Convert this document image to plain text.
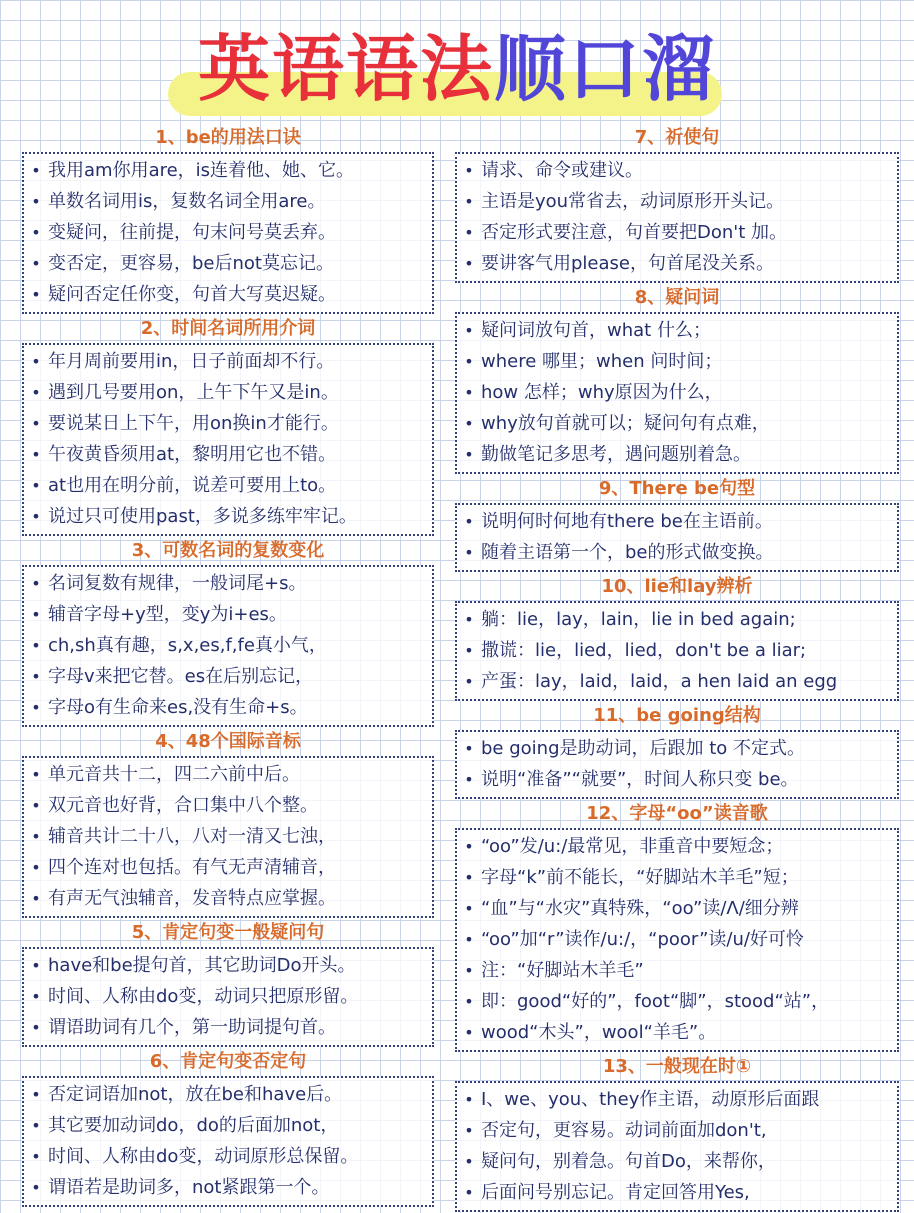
英语语法顺口溜
1、be的用法口诀
• 我用am你用are，is连着他、她、它。
• 单数名词用is，复数名词全用are。
• 变疑问，往前提，句末问号莫丢弃。
• 变否定，更容易，be后not莫忘记。
• 疑问否定任你变，句首大写莫迟疑。
2、时间名词所用介词
• 年月周前要用in，日子前面却不行。
• 遇到几号要用on，上午下午又是in。
• 要说某日上下午，用on换in才能行。
• 午夜黄昏须用at，黎明用它也不错。
• at也用在明分前，说差可要用上to。
• 说过只可使用past，多说多练牢牢记。
3、可数名词的复数变化
• 名词复数有规律，一般词尾+s。
• 辅音字母+y型，变y为i+es。
• ch,sh真有趣，s,x,es,f,fe真小气，
• 字母v来把它替。es在后别忘记，
• 字母o有生命来es,没有生命+s。
4、48个国际音标
• 单元音共十二，四二六前中后。
• 双元音也好背，合口集中八个整。
• 辅音共计二十八，八对一清又七浊，
• 四个连对也包括。有气无声清辅音，
• 有声无气浊辅音，发音特点应掌握。
5、肯定句变一般疑问句
• have和be提句首，其它助词Do开头。
• 时间、人称由do变，动词只把原形留。
• 谓语助词有几个，第一助词提句首。
6、肯定句变否定句
• 否定词语加not，放在be和have后。
• 其它要加动词do，do的后面加not，
• 时间、人称由do变，动词原形总保留。
• 谓语若是助词多，not紧跟第一个。
7、祈使句
• 请求、命令或建议。
• 主语是you常省去，动词原形开头记。
• 否定形式要注意，句首要把Don't 加。
• 要讲客气用please，句首尾没关系。
8、疑问词
• 疑问词放句首，what 什么；
• where 哪里；when 问时间；
• how 怎样；why原因为什么，
• why放句首就可以；疑问句有点难，
• 勤做笔记多思考，遇问题别着急。
9、There be句型
• 说明何时何地有there be在主语前。
• 随着主语第一个，be的形式做变换。
10、lie和lay辨析
• 躺：lie，lay，lain，lie in bed again;
• 撒谎：lie，lied，lied，don't be a liar;
• 产蛋：lay，laid，laid，a hen laid an egg
11、be going结构
• be going是助动词，后跟加 to 不定式。
• 说明“准备”“就要”，时间人称只变 be。
12、字母“oo”读音歌
• “oo”发/u:/最常见，非重音中要短念；
• 字母“k”前不能长，“好脚站木羊毛”短；
• “血”与“水灾”真特殊，“oo”读/Λ/细分辨
• “oo”加“r”读作/u:/，“poor”读/u/好可怜
• 注：“好脚站木羊毛”
• 即：good“好的”，foot“脚”，stood“站”，
• wood“木头”，wool“羊毛”。
13、一般现在时①
• I、we、you、they作主语，动原形后面跟
• 否定句，更容易。动词前面加don't,
• 疑问句，别着急。句首Do，来帮你，
• 后面问号别忘记。肯定回答用Yes,
